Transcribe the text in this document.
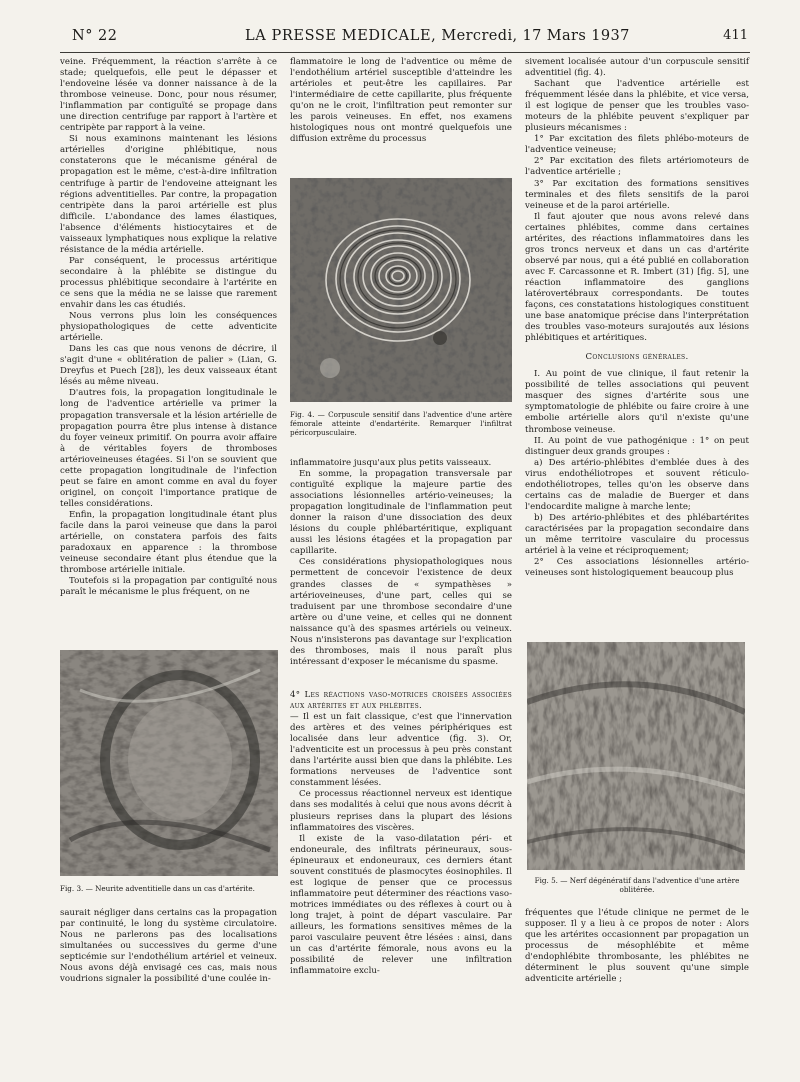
N° 22	LA PRESSE MEDICALE, Mercredi, 17 Mars 1937	411

veine. Fréquemment, la réaction s'arrête à ce stade; quelquefois, elle peut le dépasser et l'endoveine lésée va donner naissance à de la thrombose veineuse. Donc, pour nous résumer, l'inflammation par contiguïté se propage dans une direction centrifuge par rapport à l'artère et centripète par rapport à la veine.

Si nous examinons maintenant les lésions artérielles d'origine phlébitique, nous constaterons que le mécanisme général de propagation est le même, c'est-à-dire infiltration centrifuge à partir de l'endoveine atteignant les régions adventitielles. Par contre, la propagation centripète dans la paroi artérielle est plus difficile. L'abondance des lames élastiques, l'absence d'éléments histiocytaires et de vaisseaux lymphatiques nous explique la relative résistance de la média artérielle.

Par conséquent, le processus artéritique secondaire à la phlébite se distingue du processus phlébitique secondaire à l'artérite en ce sens que la média ne se laisse que rarement envahir dans les cas étudiés.

Nous verrons plus loin les conséquences physiopathologiques de cette adventicite artérielle.

Dans les cas que nous venons de décrire, il s'agit d'une « oblitération de palier » (Lian, G. Dreyfus et Puech [28]), les deux vaisseaux étant lésés au même niveau.

D'autres fois, la propagation longitudinale le long de l'adventice artérielle va primer la propagation transversale et la lésion artérielle de propagation pourra être plus intense à distance du foyer veineux primitif. On pourra avoir affaire à de véritables foyers de thromboses artérioveineuses étagées. Si l'on se souvient que cette propagation longitudinale de l'infection peut se faire en amont comme en aval du foyer originel, on conçoit l'importance pratique de telles considérations.

Enfin, la propagation longitudinale étant plus facile dans la paroi veineuse que dans la paroi artérielle, on constatera parfois des faits paradoxaux en apparence : la thrombose veineuse secondaire étant plus étendue que la thrombose artérielle initiale.

Toutefois si la propagation par contiguïté nous paraît le mécanisme le plus fréquent, on ne

Fig. 3. — Neurite adventitielle dans un cas d'artérite.

saurait négliger dans certains cas la propagation par continuité, le long du système circulatoire. Nous ne parlerons pas des localisations simultanées ou successives du germe d'une septicémie sur l'endothélium artériel et veineux. Nous avons déjà envisagé ces cas, mais nous voudrions signaler la possibilité d'une coulée in-

flammatoire le long de l'adventice ou même de l'endothélium artériel susceptible d'atteindre les artérioles et peut-être les capillaires. Par l'intermédiaire de cette capillarite, plus fréquente qu'on ne le croit, l'infiltration peut remonter sur les parois veineuses. En effet, nos examens histologiques nous ont montré quelquefois une diffusion extrême du processus

Fig. 4. — Corpuscule sensitif dans l'adventice d'une artère fémorale atteinte d'endartérite. Remarquer l'infiltrat péricorpusculaire.

inflammatoire jusqu'aux plus petits vaisseaux.

En somme, la propagation transversale par contiguïté explique la majeure partie des associations lésionnelles artério-veineuses; la propagation longitudinale de l'inflammation peut donner la raison d'une dissociation des deux lésions du couple phlébartéritique, expliquant aussi les lésions étagées et la propagation par capillarite.

Ces considérations physiopathologiques nous permettent de concevoir l'existence de deux grandes classes de « sympathèses » artérioveineuses, d'une part, celles qui se traduisent par une thrombose secondaire d'une artère ou d'une veine, et celles qui ne donnent naissance qu'à des spasmes artériels ou veineux. Nous n'insisterons pas davantage sur l'explication des thromboses, mais il nous paraît plus intéressant d'exposer le mécanisme du spasme.

4° Les réactions vaso-motrices croisées associées aux artérites et aux phlébites.

— Il est un fait classique, c'est que l'innervation des artères et des veines périphériques est localisée dans leur adventice (fig. 3). Or, l'adventicite est un processus à peu près constant dans l'artérite aussi bien que dans la phlébite. Les formations nerveuses de l'adventice sont constamment lésées.

Ce processus réactionnel nerveux est identique dans ses modalités à celui que nous avons décrit à plusieurs reprises dans la plupart des lésions inflammatoires des viscères.

Il existe de la vaso-dilatation péri- et endoneurale, des infiltrats périneuraux, sous-épineuraux et endoneuraux, ces derniers étant souvent constitués de plasmocytes éosinophiles. Il est logique de penser que ce processus inflammatoire peut déterminer des réactions vaso-motrices immédiates ou des réflexes à court ou à long trajet, à point de départ vasculaire. Par ailleurs, les formations sensitives mêmes de la paroi vasculaire peuvent être lésées : ainsi, dans un cas d'artérite fémorale, nous avons eu la possibilité de relever une infiltration inflammatoire exclu-

sivement localisée autour d'un corpuscule sensitif adventitiel (fig. 4).

Sachant que l'adventice artérielle est fréquemment lésée dans la phlébite, et vice versa, il est logique de penser que les troubles vaso-moteurs de la phlébite peuvent s'expliquer par plusieurs mécanismes :

1° Par excitation des filets phlébo-moteurs de l'adventice veineuse;

2° Par excitation des filets artériomoteurs de l'adventice artérielle ;

3° Par excitation des formations sensitives terminales et des filets sensitifs de la paroi veineuse et de la paroi artérielle.

Il faut ajouter que nous avons relevé dans certaines phlébites, comme dans certaines artérites, des réactions inflammatoires dans les gros troncs nerveux et dans un cas d'artérite observé par nous, qui a été publié en collaboration avec F. Carcassonne et R. Imbert (31) [fig. 5], une réaction inflammatoire des ganglions latérovertébraux correspondants. De toutes façons, ces constatations histologiques constituent une base anatomique précise dans l'interprétation des troubles vaso-moteurs surajoutés aux lésions phlébitiques et artéritiques.

Conclusions générales.

I. Au point de vue clinique, il faut retenir la possibilité de telles associations qui peuvent masquer des signes d'artérite sous une symptomatologie de phlébite ou faire croire à une embolie artérielle alors qu'il n'existe qu'une thrombose veineuse.

II. Au point de vue pathogénique : 1° on peut distinguer deux grands groupes :

a) Des artério-phlébites d'emblée dues à des virus endothéliotropes et souvent réticulo-endothéliotropes, telles qu'on les observe dans certains cas de maladie de Buerger et dans l'endocardite maligne à marche lente;

b) Des artério-phlébites et des phlébartérites caractérisées par la propagation secondaire dans un même territoire vasculaire du processus artériel à la veine et réciproquement;

2° Ces associations lésionnelles artério-veineuses sont histologiquement beaucoup plus

Fig. 5. — Nerf dégénératif dans l'adventice d'une artère oblitérée.

fréquentes que l'étude clinique ne permet de le supposer. Il y a lieu à ce propos de noter : Alors que les artérites occasionnent par propagation un processus de mésophlébite et même d'endophlébite thrombosante, les phlébites ne déterminent le plus souvent qu'une simple adventicite artérielle ;
